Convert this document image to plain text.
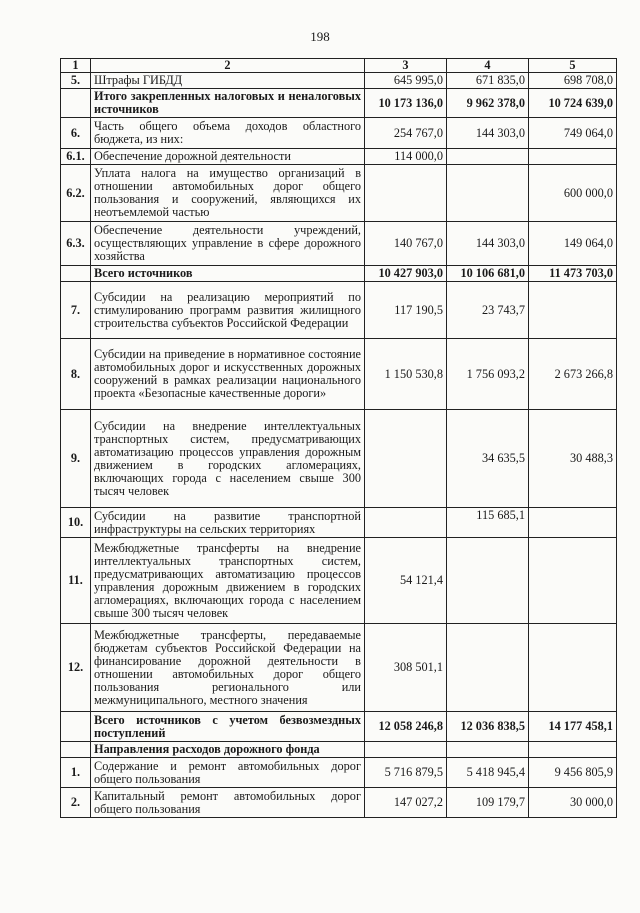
198
1	2	3	4	5
5.	Штрафы ГИБДД	645 995,0	671 835,0	698 708,0
	Итого закрепленных налоговых и неналоговых источников	10 173 136,0	9 962 378,0	10 724 639,0
6.	Часть общего объема доходов областного бюджета, из них:	254 767,0	144 303,0	749 064,0
6.1.	Обеспечение дорожной деятельности	114 000,0		
6.2.	Уплата налога на имущество организаций в отношении автомобильных дорог общего пользования и сооружений, являющихся их неотъемлемой частью			600 000,0
6.3.	Обеспечение деятельности учреждений, осуществляющих управление в сфере дорожного хозяйства	140 767,0	144 303,0	149 064,0
	Всего источников	10 427 903,0	10 106 681,0	11 473 703,0
7.	Субсидии на реализацию мероприятий по стимулированию программ развития жилищного строительства субъектов Российской Федерации	117 190,5	23 743,7	
8.	Субсидии на приведение в нормативное состояние автомобильных дорог и искусственных дорожных сооружений в рамках реализации национального проекта «Безопасные качественные дороги»	1 150 530,8	1 756 093,2	2 673 266,8
9.	Субсидии на внедрение интеллектуальных транспортных систем, предусматривающих автоматизацию процессов управления дорожным движением в городских агломерациях, включающих города с населением свыше 300 тысяч человек		34 635,5	30 488,3
10.	Субсидии на развитие транспортной инфраструктуры на сельских территориях		115 685,1	
11.	Межбюджетные трансферты на внедрение интеллектуальных транспортных систем, предусматривающих автоматизацию процессов управления дорожным движением в городских агломерациях, включающих города с населением свыше 300 тысяч человек	54 121,4		
12.	Межбюджетные трансферты, передаваемые бюджетам субъектов Российской Федерации на финансирование дорожной деятельности в отношении автомобильных дорог общего пользования регионального или межмуниципального, местного значения	308 501,1		
	Всего источников с учетом безвозмездных поступлений	12 058 246,8	12 036 838,5	14 177 458,1
	Направления расходов дорожного фонда			
1.	Содержание и ремонт автомобильных дорог общего пользования	5 716 879,5	5 418 945,4	9 456 805,9
2.	Капитальный ремонт автомобильных дорог общего пользования	147 027,2	109 179,7	30 000,0
